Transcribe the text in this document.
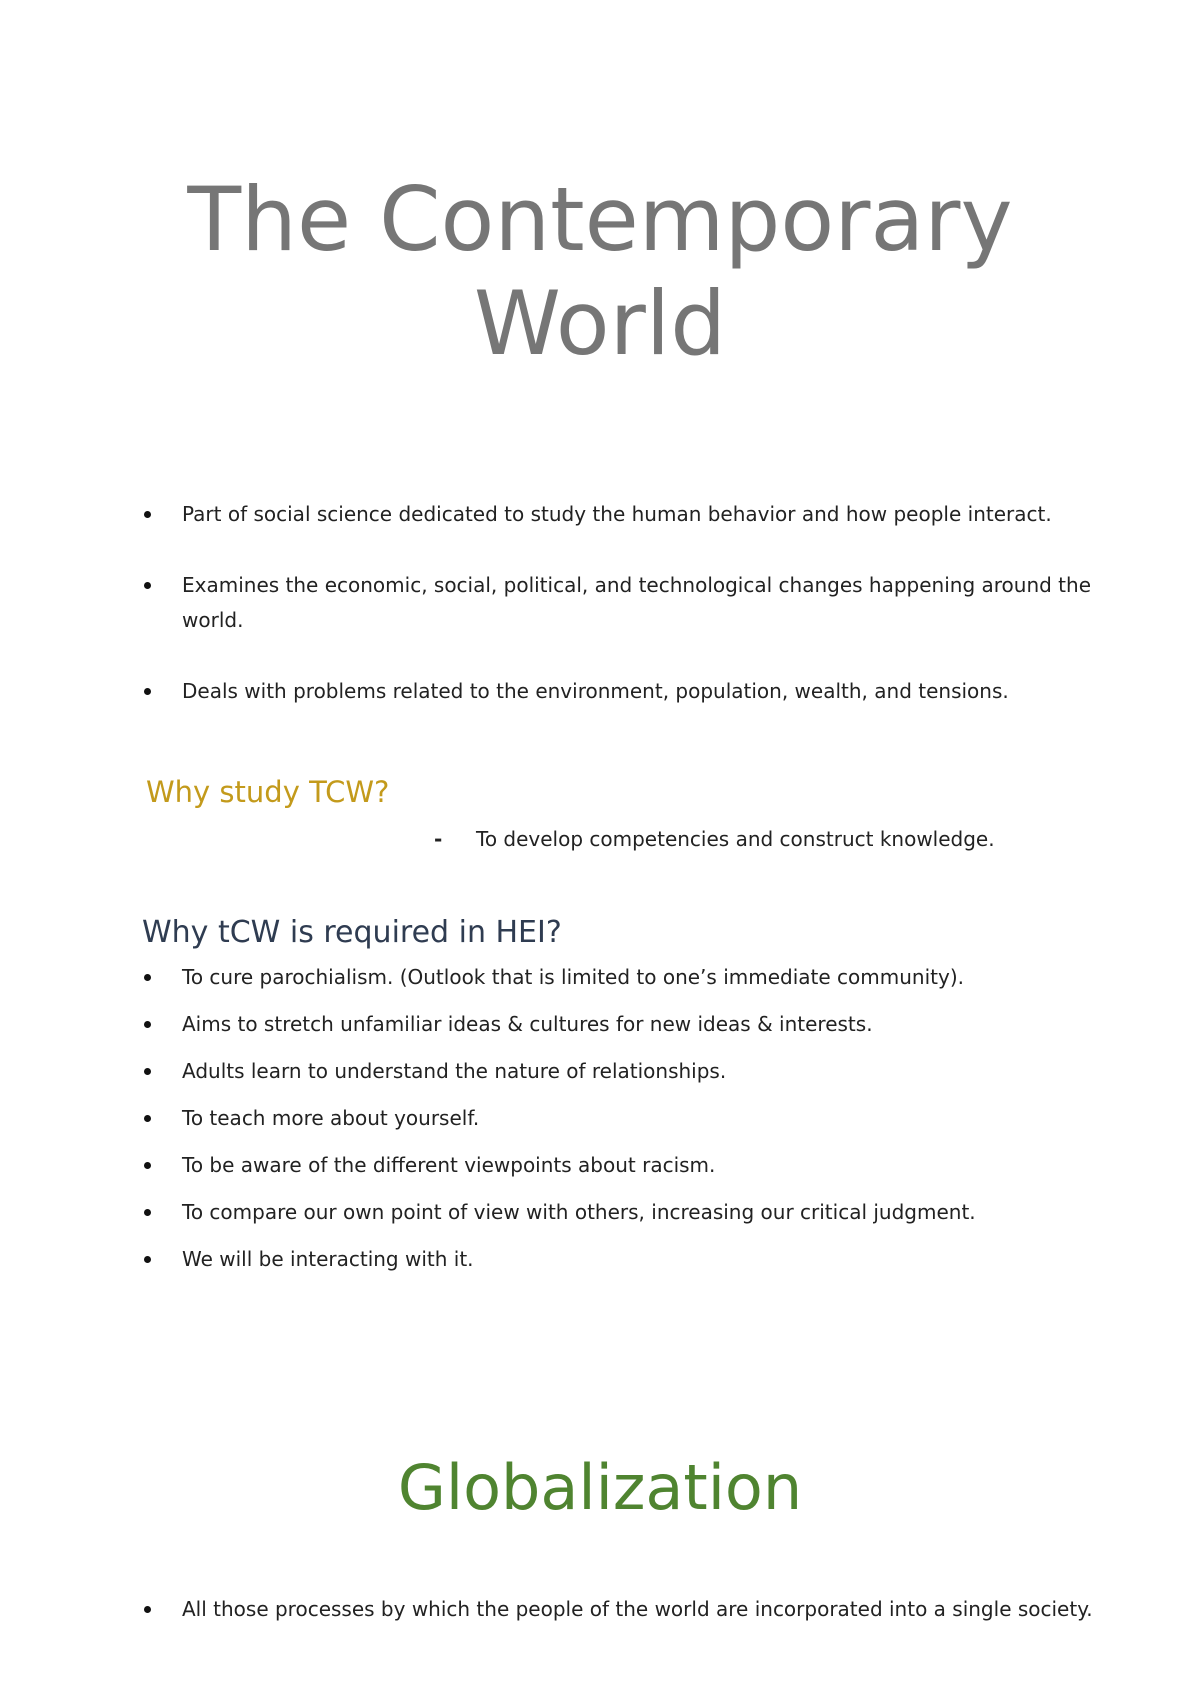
The Contemporary
World
Part of social science dedicated to study the human behavior and how people interact.
Examines the economic, social, political, and technological changes happening around the world.
Deals with problems related to the environment, population, wealth, and tensions.
Why study TCW?
- To develop competencies and construct knowledge.
Why tCW is required in HEI?
To cure parochialism. (Outlook that is limited to one’s immediate community).
Aims to stretch unfamiliar ideas & cultures for new ideas & interests.
Adults learn to understand the nature of relationships.
To teach more about yourself.
To be aware of the different viewpoints about racism.
To compare our own point of view with others, increasing our critical judgment.
We will be interacting with it.
Globalization
All those processes by which the people of the world are incorporated into a single society.
